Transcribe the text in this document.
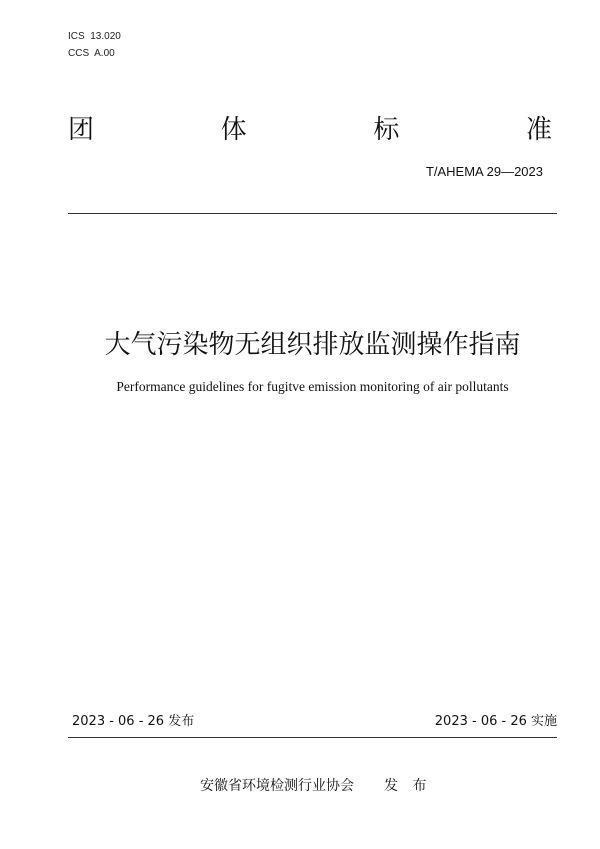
ICS  13.020
CCS  A.00
团	体	标	准
T/AHEMA 29—2023
大气污染物无组织排放监测操作指南
Performance guidelines for fugitve emission monitoring of air pollutants
2023 - 06 - 26 发布	2023 - 06 - 26 实施
安徽省环境检测行业协会 发 布
